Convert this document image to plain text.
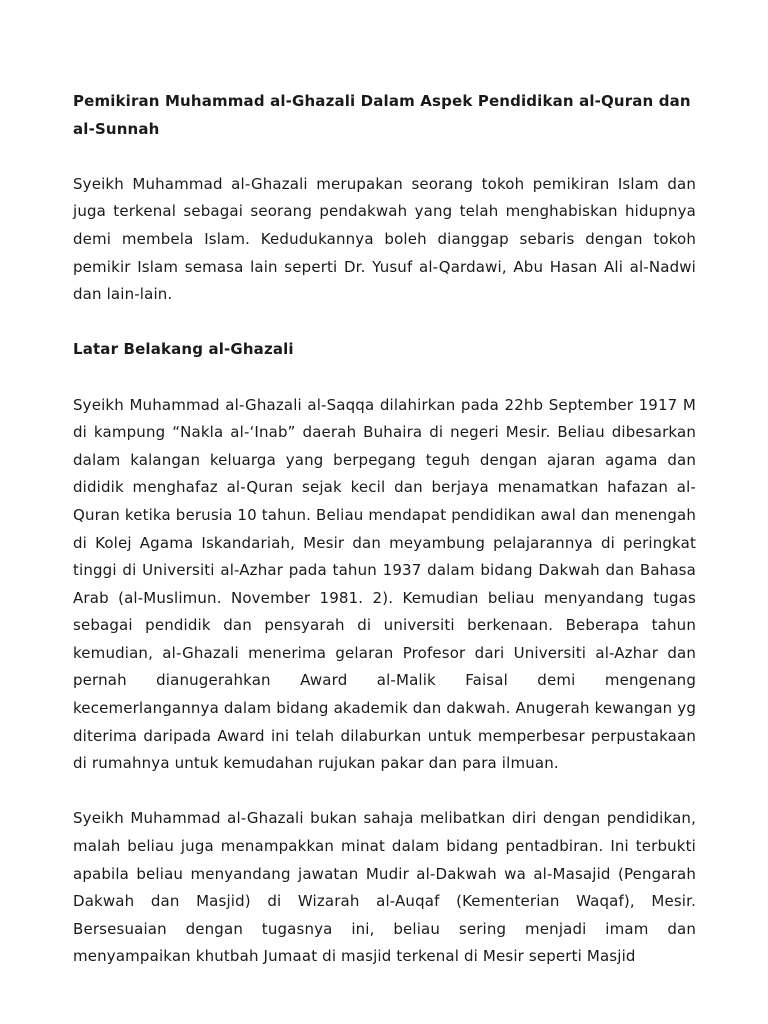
Pemikiran Muhammad al-Ghazali Dalam Aspek Pendidikan al-Quran dan al-Sunnah
Syeikh Muhammad al-Ghazali merupakan seorang tokoh pemikiran Islam dan juga terkenal sebagai seorang pendakwah yang telah menghabiskan hidupnya demi membela Islam. Kedudukannya boleh dianggap sebaris dengan tokoh pemikir Islam semasa lain seperti Dr. Yusuf al-Qardawi, Abu Hasan Ali al-Nadwi dan lain-lain.
Latar Belakang al-Ghazali
Syeikh Muhammad al-Ghazali al-Saqqa dilahirkan pada 22hb September 1917 M di kampung “Nakla al-‘Inab” daerah Buhaira di negeri Mesir. Beliau dibesarkan dalam kalangan keluarga yang berpegang teguh dengan ajaran agama dan dididik menghafaz al-Quran sejak kecil dan berjaya menamatkan hafazan al-Quran ketika berusia 10 tahun. Beliau mendapat pendidikan awal dan menengah di Kolej Agama Iskandariah, Mesir dan meyambung pelajarannya di peringkat tinggi di Universiti al-Azhar pada tahun 1937 dalam bidang Dakwah dan Bahasa Arab (al-Muslimun. November 1981. 2). Kemudian beliau menyandang tugas sebagai pendidik dan pensyarah di universiti berkenaan. Beberapa tahun kemudian, al-Ghazali menerima gelaran Profesor dari Universiti al-Azhar dan pernah dianugerahkan Award al-Malik Faisal demi mengenang kecemerlangannya dalam bidang akademik dan dakwah. Anugerah kewangan yg diterima daripada Award ini telah dilaburkan untuk memperbesar perpustakaan di rumahnya untuk kemudahan rujukan pakar dan para ilmuan.
Syeikh Muhammad al-Ghazali bukan sahaja melibatkan diri dengan pendidikan, malah beliau juga menampakkan minat dalam bidang pentadbiran. Ini terbukti apabila beliau menyandang jawatan Mudir al-Dakwah wa al-Masajid (Pengarah Dakwah dan Masjid) di Wizarah al-Auqaf (Kementerian Waqaf), Mesir. Bersesuaian dengan tugasnya ini, beliau sering menjadi imam dan menyampaikan khutbah Jumaat di masjid terkenal di Mesir seperti Masjid
